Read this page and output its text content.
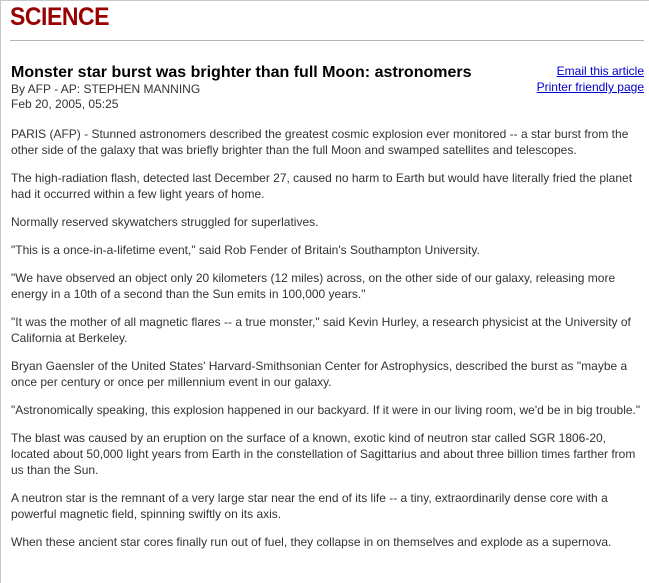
SCIENCE
Monster star burst was brighter than full Moon: astronomers
By AFP - AP: STEPHEN MANNING
Feb 20, 2005, 05:25
Email this article
Printer friendly page

PARIS (AFP) - Stunned astronomers described the greatest cosmic explosion ever monitored -- a star burst from the other side of the galaxy that was briefly brighter than the full Moon and swamped satellites and telescopes.

The high-radiation flash, detected last December 27, caused no harm to Earth but would have literally fried the planet had it occurred within a few light years of home.

Normally reserved skywatchers struggled for superlatives.

"This is a once-in-a-lifetime event," said Rob Fender of Britain's Southampton University.

"We have observed an object only 20 kilometers (12 miles) across, on the other side of our galaxy, releasing more energy in a 10th of a second than the Sun emits in 100,000 years."

"It was the mother of all magnetic flares -- a true monster," said Kevin Hurley, a research physicist at the University of California at Berkeley.

Bryan Gaensler of the United States' Harvard-Smithsonian Center for Astrophysics, described the burst as "maybe a once per century or once per millennium event in our galaxy.

"Astronomically speaking, this explosion happened in our backyard. If it were in our living room, we'd be in big trouble."

The blast was caused by an eruption on the surface of a known, exotic kind of neutron star called SGR 1806-20, located about 50,000 light years from Earth in the constellation of Sagittarius and about three billion times farther from us than the Sun.

A neutron star is the remnant of a very large star near the end of its life -- a tiny, extraordinarily dense core with a powerful magnetic field, spinning swiftly on its axis.

When these ancient star cores finally run out of fuel, they collapse in on themselves and explode as a supernova.
